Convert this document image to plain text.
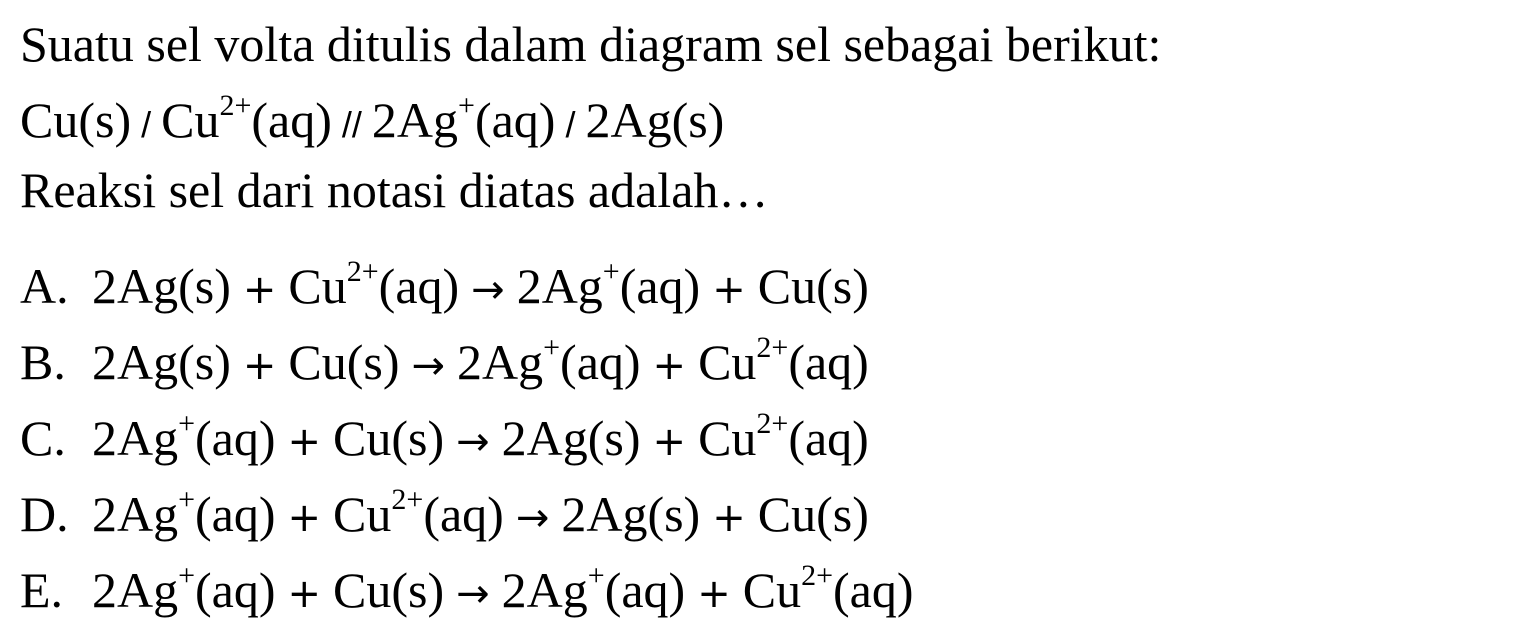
Suatu sel volta ditulis dalam diagram sel sebagai berikut:
$Cu(s) / Cu^{2+}(aq) // 2Ag^+(aq) / 2Ag(s)$
Reaksi sel dari notasi diatas adalah…
A. $2Ag(s) + Cu^{2+}(aq) \to 2Ag^+(aq) + Cu(s)$
B. $2Ag(s) + Cu(s) \to 2Ag^+(aq) + Cu^{2+}(aq)$
C. $2Ag^+(aq) + Cu(s) \to 2Ag(s) + Cu^{2+}(aq)$
D. $2Ag^+(aq) + Cu^{2+}(aq) \to 2Ag(s) + Cu(s)$
E. $2Ag^+(aq) + Cu(s) \to 2Ag^+(aq) + Cu^{2+}(aq)$
